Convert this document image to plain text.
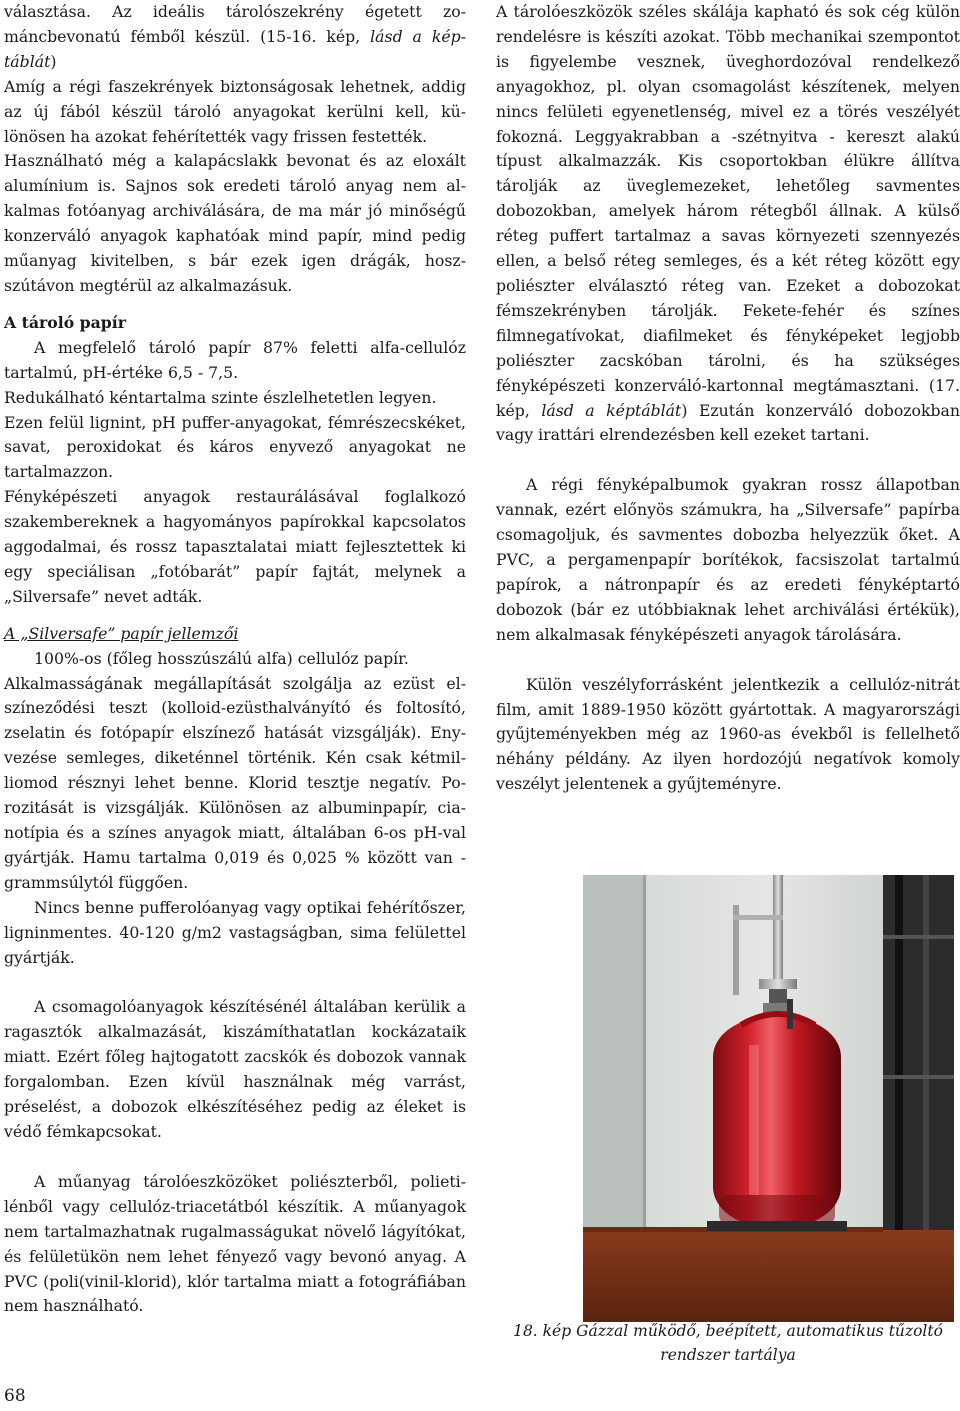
választása. Az ideális tárolószekrény égetett zománcbevonatú fémből készül. (15-16. kép, lásd a képtáblát)

Amíg a régi faszekrények biztonságosak lehetnek, addig az új fából készül tároló anyagokat kerülni kell, különösen ha azokat fehérítették vagy frissen festették.

Használható még a kalapácslakk bevonat és az eloxált alumínium is. Sajnos sok eredeti tároló anyag nem alkalmas fotóanyag archiválására, de ma már jó minőségű konzerváló anyagok kaphatóak mind papír, mind pedig műanyag kivitelben, s bár ezek igen drágák, hoszszútávon megtérül az alkalmazásuk.

A tároló papír

A megfelelő tároló papír 87% feletti alfa-cellulóz tartalmú, pH-értéke 6,5 - 7,5.

Redukálható kéntartalma szinte észlelhetetlen legyen.

Ezen felül lignint, pH puffer-anyagokat, fémrészecskéket, savat, peroxidokat és káros enyvező anyagokat ne tartalmazzon.

Fényképészeti anyagok restaurálásával foglalkozó szakembereknek a hagyományos papírokkal kapcsolatos aggodalmai, és rossz tapasztalatai miatt fejlesztettek ki egy speciálisan „fotóbarát” papír fajtát, melynek a „Silversafe” nevet adták.

A „Silversafe” papír jellemzői

100%-os (főleg hosszúszálú alfa) cellulóz papír.

Alkalmasságának megállapítását szolgálja az ezüst elszíneződési teszt (kolloid-ezüsthalványító és foltosító, zselatin és fotópapír elszínező hatását vizsgálják). Enyvezése semleges, diketénnel történik. Kén csak kétmilliomod résznyi lehet benne. Klorid tesztje negatív. Porozitását is vizsgálják. Különösen az albuminpapír, cianotípia és a színes anyagok miatt, általában 6-os pH-val gyártják. Hamu tartalma 0,019 és 0,025 % között van - grammsúlytól függően.

Nincs benne pufferolóanyag vagy optikai fehérítőszer, ligninmentes. 40-120 g/m2 vastagságban, sima felülettel gyártják.

A csomagolóanyagok készítésénél általában kerülik a ragasztók alkalmazását, kiszámíthatatlan kockázataik miatt. Ezért főleg hajtogatott zacskók és dobozok vannak forgalomban. Ezen kívül használnak még varrást, préselést, a dobozok elkészítéséhez pedig az éleket is védő fémkapcsokat.

A műanyag tárolóeszközöket poliészterből, polietilénből vagy cellulóz-triacetátból készítik. A műanyagok nem tartalmazhatnak rugalmasságukat növelő lágyítókat, és felületükön nem lehet fényező vagy bevonó anyag. A PVC (poli(vinil-klorid), klór tartalma miatt a fotográfiában nem használható.

A tárolóeszközök széles skálája kapható és sok cég külön rendelésre is készíti azokat. Több mechanikai szempontot is figyelembe vesznek, üveghordozóval rendelkező anyagokhoz, pl. olyan csomagolást készítenek, melyen nincs felületi egyenetlenség, mivel ez a törés veszélyét fokozná. Leggyakrabban a -szétnyitva - kereszt alakú típust alkalmazzák. Kis csoportokban élükre állítva tárolják az üveglemezeket, lehetőleg savmentes dobozokban, amelyek három rétegből állnak. A külső réteg puffert tartalmaz a savas környezeti szennyezés ellen, a belső réteg semleges, és a két réteg között egy poliészter elválasztó réteg van. Ezeket a dobozokat fémszekrényben tárolják. Fekete-fehér és színes filmnegatívokat, diafilmeket és fényképeket legjobb poliészter zacskóban tárolni, és ha szükséges fényképészeti konzerváló-kartonnal megtámasztani. (17. kép, lásd a képtáblát) Ezután konzerváló dobozokban vagy irattári elrendezésben kell ezeket tartani.

A régi fényképalbumok gyakran rossz állapotban vannak, ezért előnyös számukra, ha „Silversafe” papírba csomagoljuk, és savmentes dobozba helyezzük őket. A PVC, a pergamenpapír borítékok, facsiszolat tartalmú papírok, a nátronpapír és az eredeti fényképtartó dobozok (bár ez utóbbiaknak lehet archiválási értékük), nem alkalmasak fényképészeti anyagok tárolására.

Külön veszélyforrásként jelentkezik a cellulóz-nitrát film, amit 1889-1950 között gyártottak. A magyarországi gyűjteményekben még az 1960-as évekből is fellelhető néhány példány. Az ilyen hordozójú negatívok komoly veszélyt jelentenek a gyűjteményre.

18. kép Gázzal működő, beépített, automatikus tűzoltó rendszer tartálya
68
